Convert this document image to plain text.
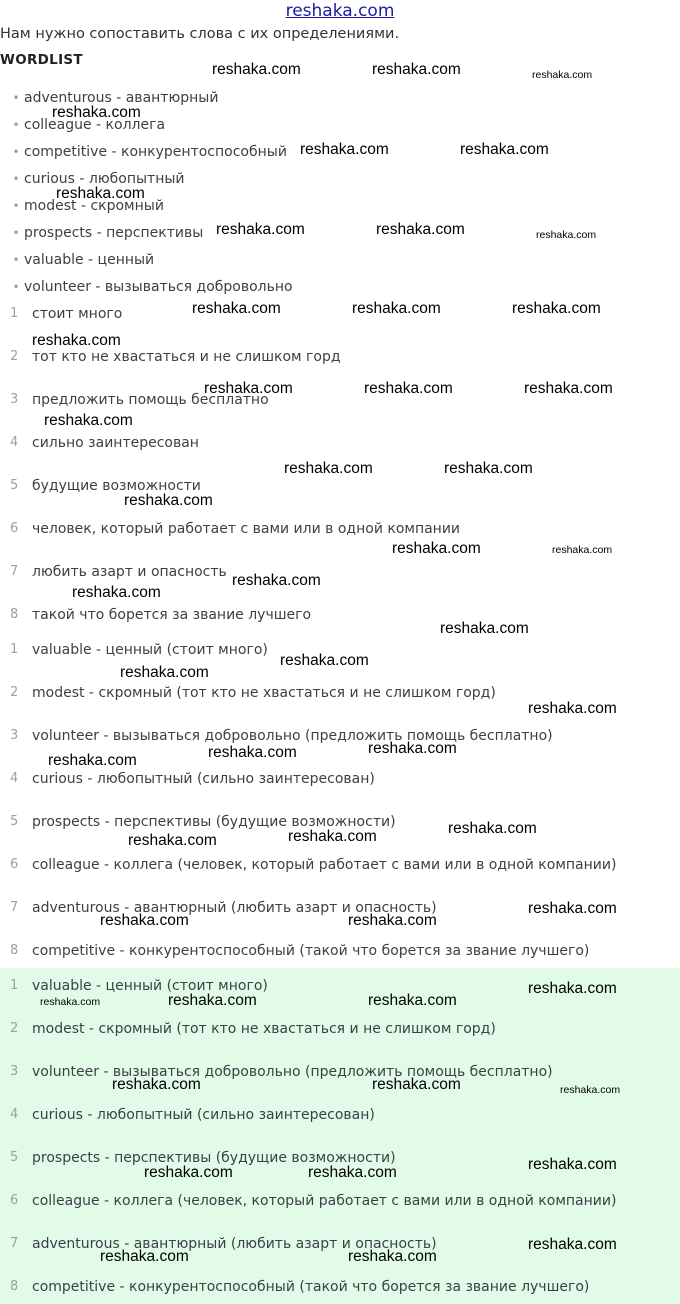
reshaka.com
Нам нужно сопоставить слова с их определениями.
WORDLIST
• adventurous - авантюрный
• colleague - коллега
• competitive - конкурентоспособный
• curious - любопытный
• modest - скромный
• prospects - перспективы
• valuable - ценный
• volunteer - вызываться добровольно
1 стоит много
2 тот кто не хвастаться и не слишком горд
3 предложить помощь бесплатно
4 сильно заинтересован
5 будущие возможности
6 человек, который работает с вами или в одной компании
7 любить азарт и опасность
8 такой что борется за звание лучшего
1 valuable - ценный (стоит много)
2 modest - скромный (тот кто не хвастаться и не слишком горд)
3 volunteer - вызываться добровольно (предложить помощь бесплатно)
4 curious - любопытный (сильно заинтересован)
5 prospects - перспективы (будущие возможности)
6 colleague - коллега (человек, который работает с вами или в одной компании)
7 adventurous - авантюрный (любить азарт и опасность)
8 competitive - конкурентоспособный (такой что борется за звание лучшего)
1 valuable - ценный (стоит много)
2 modest - скромный (тот кто не хвастаться и не слишком горд)
3 volunteer - вызываться добровольно (предложить помощь бесплатно)
4 curious - любопытный (сильно заинтересован)
5 prospects - перспективы (будущие возможности)
6 colleague - коллега (человек, который работает с вами или в одной компании)
7 adventurous - авантюрный (любить азарт и опасность)
8 competitive - конкурентоспособный (такой что борется за звание лучшего)
reshaka.com	reshaka.com	reshaka.com
reshaka.com
reshaka.com	reshaka.com
reshaka.com
reshaka.com	reshaka.com	reshaka.com
reshaka.com	reshaka.com	reshaka.com
reshaka.com
reshaka.com	reshaka.com	reshaka.com
reshaka.com
reshaka.com	reshaka.com
reshaka.com
reshaka.com	reshaka.com
reshaka.com
reshaka.com
reshaka.com
reshaka.com
reshaka.com
reshaka.com
reshaka.com
reshaka.com
reshaka.com
reshaka.com
reshaka.com
reshaka.com
reshaka.com
reshaka.com	reshaka.com
reshaka.com
reshaka.com	reshaka.com	reshaka.com
reshaka.com	reshaka.com	reshaka.com
reshaka.com
reshaka.com	reshaka.com
reshaka.com
reshaka.com	reshaka.com
